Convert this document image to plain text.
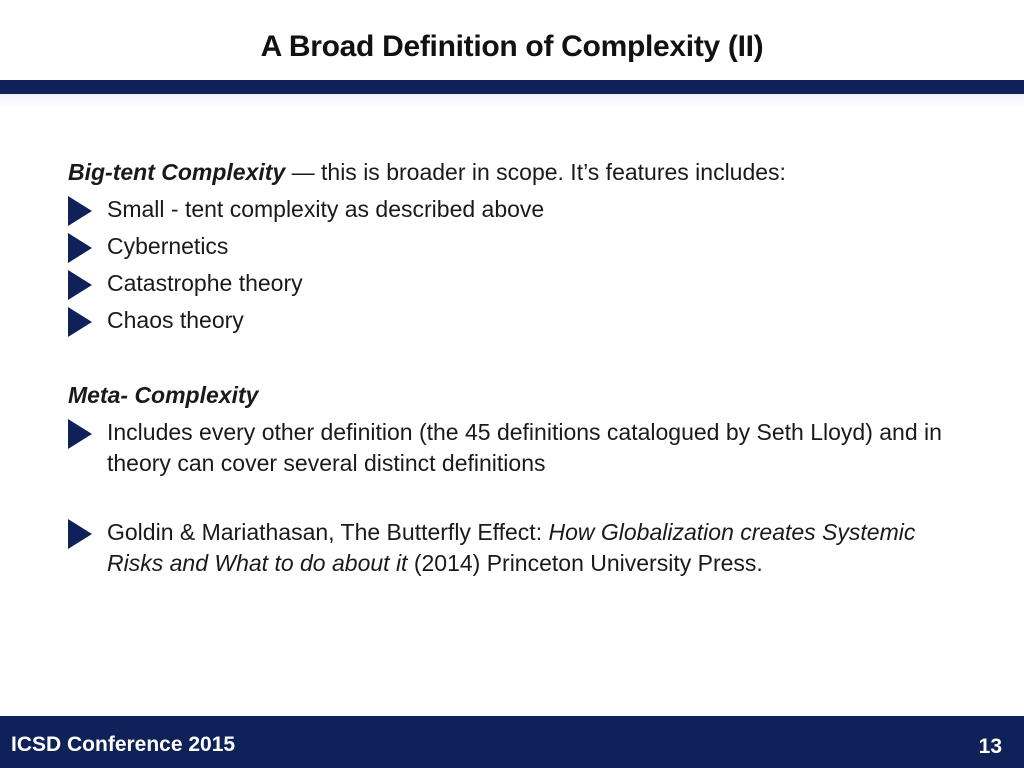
A Broad Definition of Complexity (II)
Big-tent Complexity — this is broader in scope. It’s features includes:
Small - tent complexity as described above
Cybernetics
Catastrophe theory
Chaos theory
Meta- Complexity
Includes every other definition (the 45 definitions catalogued by Seth Lloyd) and in theory can cover several distinct definitions
Goldin & Mariathasan, The Butterfly Effect: How Globalization creates Systemic Risks and What to do about it (2014) Princeton University Press.
ICSD Conference 2015	13
